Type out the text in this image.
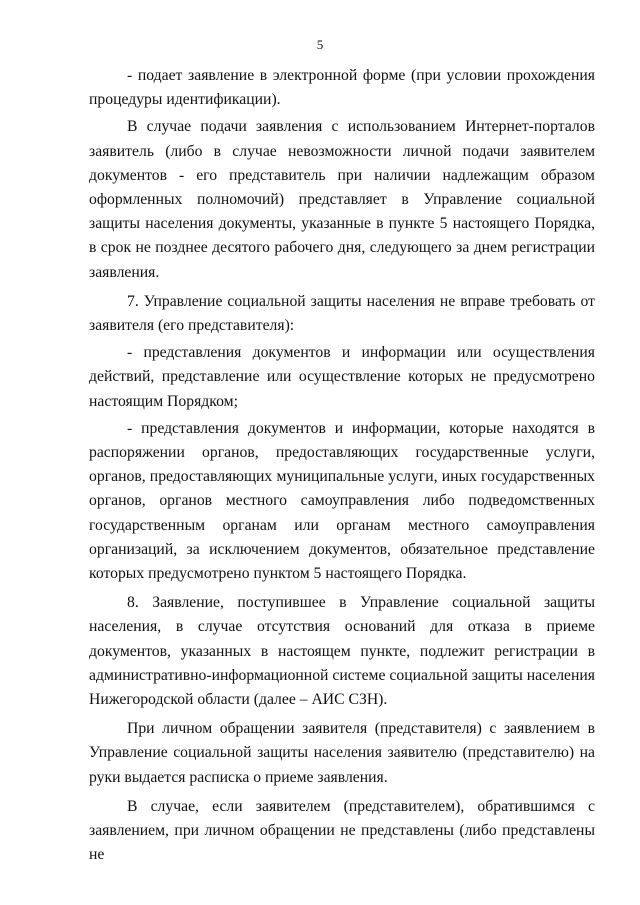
5

- подает заявление в электронной форме (при условии прохождения процедуры идентификации).

В случае подачи заявления с использованием Интернет-порталов заявитель (либо в случае невозможности личной подачи заявителем документов - его представитель при наличии надлежащим образом оформленных полномочий) представляет в Управление социальной защиты населения документы, указанные в пункте 5 настоящего Порядка, в срок не позднее десятого рабочего дня, следующего за днем регистрации заявления.

7. Управление социальной защиты населения не вправе требовать от заявителя (его представителя):

- представления документов и информации или осуществления действий, представление или осуществление которых не предусмотрено настоящим Порядком;

- представления документов и информации, которые находятся в распоряжении органов, предоставляющих государственные услуги, органов, предоставляющих муниципальные услуги, иных государственных органов, органов местного самоуправления либо подведомственных государственным органам или органам местного самоуправления организаций, за исключением документов, обязательное представление которых предусмотрено пунктом 5 настоящего Порядка.

8. Заявление, поступившее в Управление социальной защиты населения, в случае отсутствия оснований для отказа в приеме документов, указанных в настоящем пункте, подлежит регистрации в административно-информационной системе социальной защиты населения Нижегородской области (далее – АИС СЗН).

При личном обращении заявителя (представителя) с заявлением в Управление социальной защиты населения заявителю (представителю) на руки выдается расписка о приеме заявления.

В случае, если заявителем (представителем), обратившимся с заявлением, при личном обращении не представлены (либо представлены не
